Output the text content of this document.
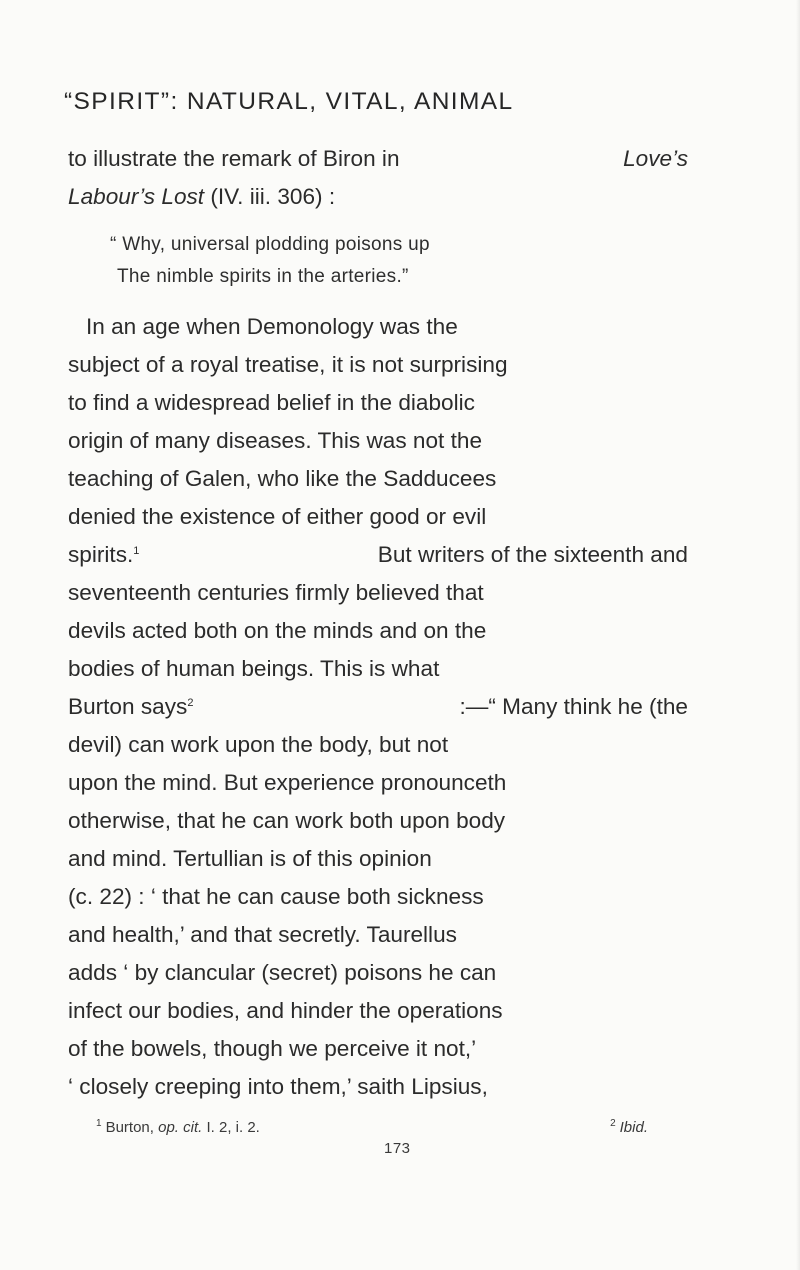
“SPIRIT”: NATURAL, VITAL, ANIMAL
to illustrate the remark of Biron in	Love’s
Labour’s Lost (IV. iii. 306) :
“ Why, universal plodding poisons up
The nimble spirits in the arteries.”
In an age when Demonology was the
subject of a royal treatise, it is not surprising
to find a widespread belief in the diabolic
origin of many diseases. This was not the
teaching of Galen, who like the Sadducees
denied the existence of either good or evil
spirits.$^1$	But writers of the sixteenth and
seventeenth centuries firmly believed that
devils acted both on the minds and on the
bodies of human beings. This is what
Burton says$^2$	:—“ Many think he (the
devil) can work upon the body, but not
upon the mind. But experience pronounceth
otherwise, that he can work both upon body
and mind. Tertullian is of this opinion
(c. 22) : ‘ that he can cause both sickness
and health,’ and that secretly. Taurellus
adds ‘ by clancular (secret) poisons he can
infect our bodies, and hinder the operations
of the bowels, though we perceive it not,’
‘ closely creeping into them,’ saith Lipsius,
$^1$ Burton, op. cit. I. 2, i. 2.	$^2$ Ibid.
173
